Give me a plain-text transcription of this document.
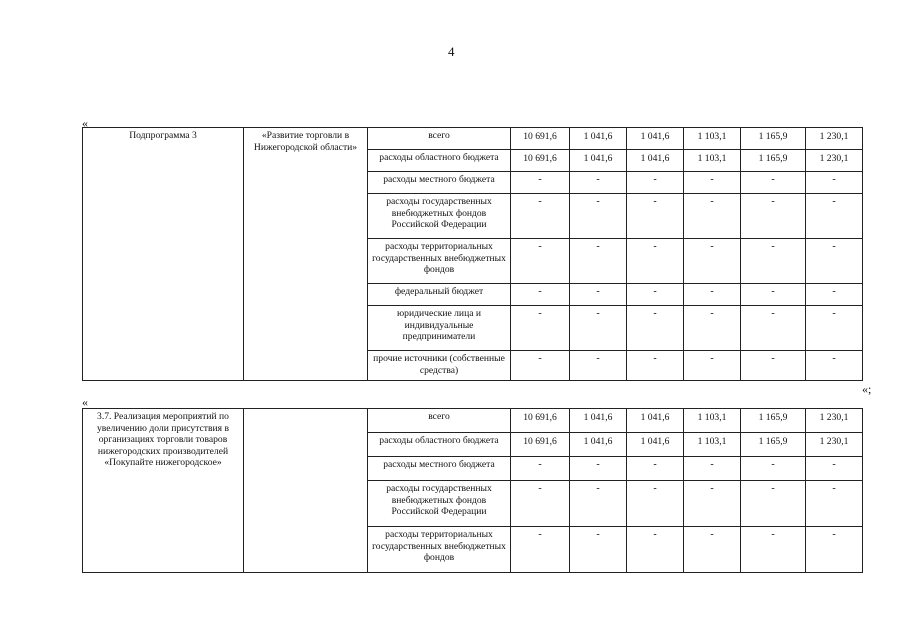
4
«
Подпрограмма 3	«Развитие торговли в Нижегородской области»	всего	10 691,6	1 041,6	1 041,6	1 103,1	1 165,9	1 230,1
		расходы областного бюджета	10 691,6	1 041,6	1 041,6	1 103,1	1 165,9	1 230,1
		расходы местного бюджета	-	-	-	-	-	-
		расходы государственных внебюджетных фондов Российской Федерации	-	-	-	-	-	-
		расходы территориальных государственных внебюджетных фондов	-	-	-	-	-	-
		федеральный бюджет	-	-	-	-	-	-
		юридические лица и индивидуальные предприниматели	-	-	-	-	-	-
		прочие источники (собственные средства)	-	-	-	-	-	-
«
«;
3.7. Реализация мероприятий по увеличению доли присутствия в организациях торговли товаров нижегородских производителей «Покупайте нижегородское»		всего	10 691,6	1 041,6	1 041,6	1 103,1	1 165,9	1 230,1
		расходы областного бюджета	10 691,6	1 041,6	1 041,6	1 103,1	1 165,9	1 230,1
		расходы местного бюджета	-	-	-	-	-	-
		расходы государственных внебюджетных фондов Российской Федерации	-	-	-	-	-	-
		расходы территориальных государственных внебюджетных фондов	-	-	-	-	-	-
